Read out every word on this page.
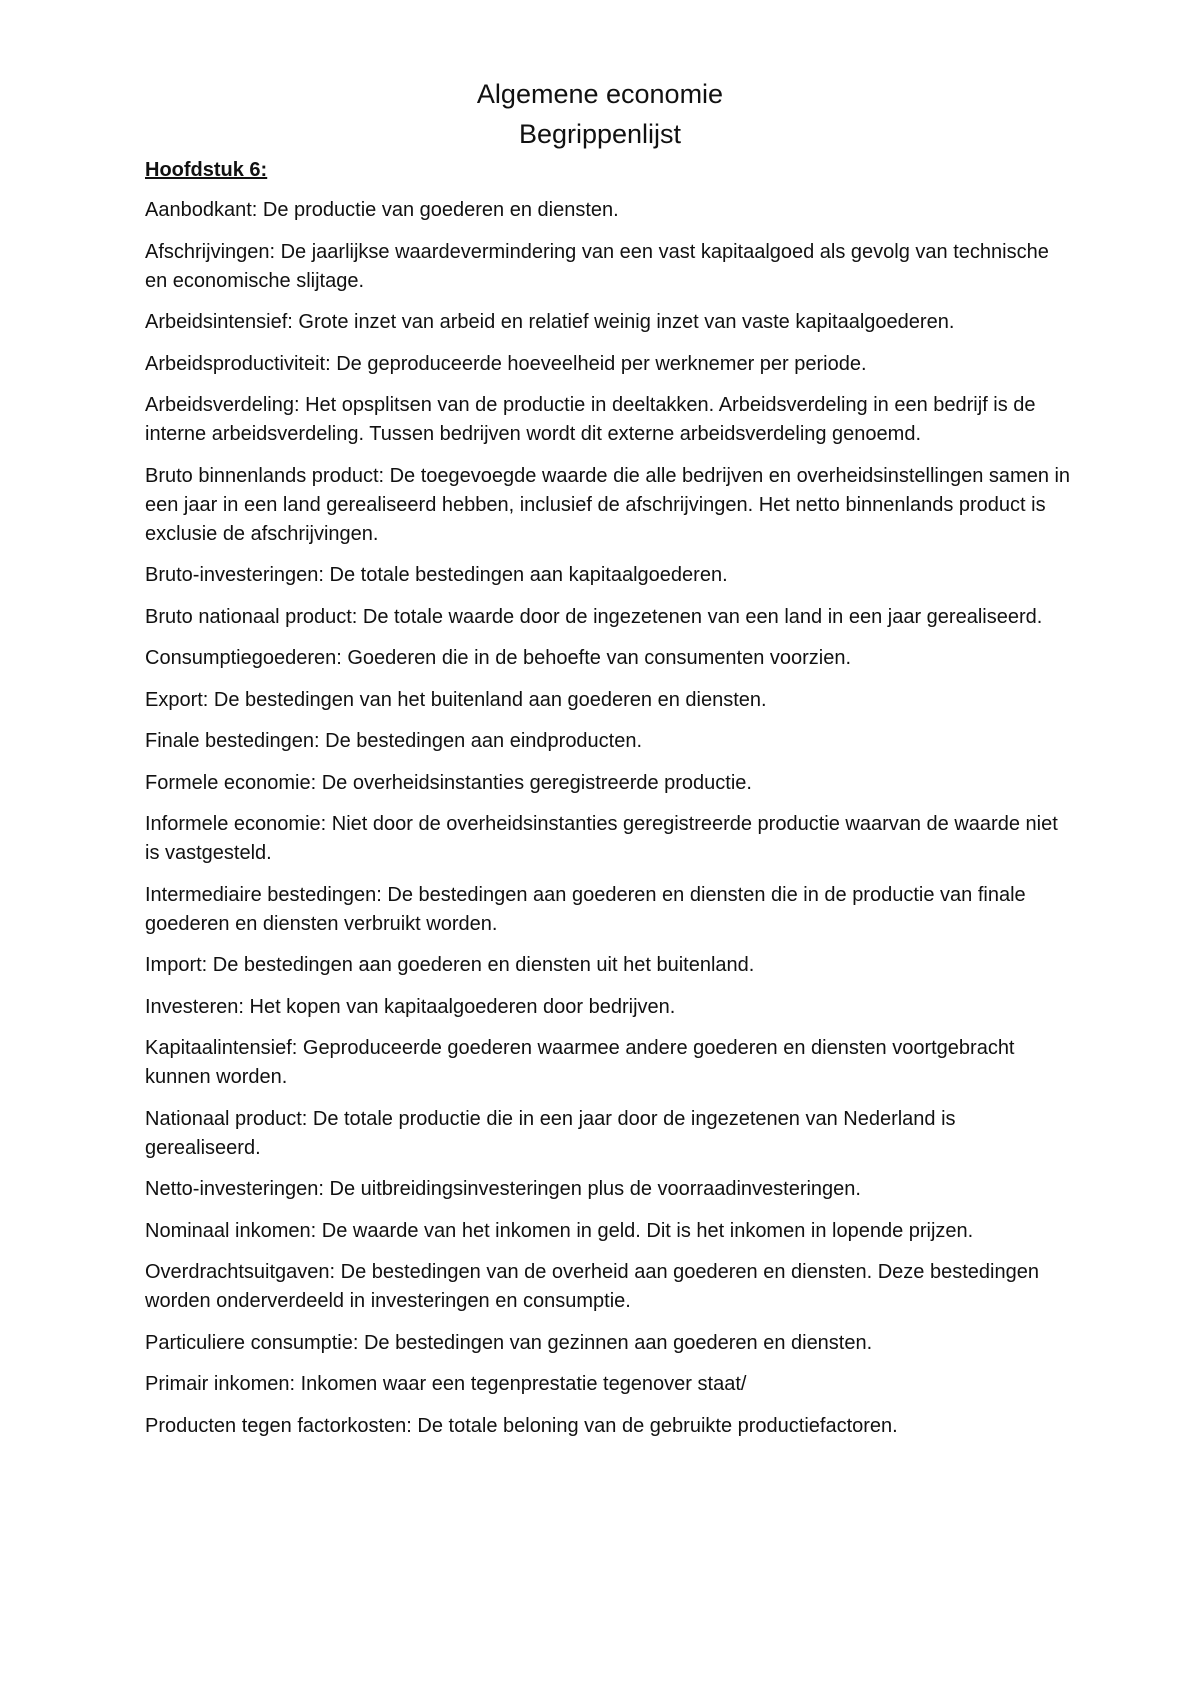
Algemene economie
Begrippenlijst
Hoofdstuk 6:
Aanbodkant: De productie van goederen en diensten.
Afschrijvingen: De jaarlijkse waardevermindering van een vast kapitaalgoed als gevolg van technische en economische slijtage.
Arbeidsintensief: Grote inzet van arbeid en relatief weinig inzet van vaste kapitaalgoederen.
Arbeidsproductiviteit: De geproduceerde hoeveelheid per werknemer per periode.
Arbeidsverdeling: Het opsplitsen van de productie in deeltakken. Arbeidsverdeling in een bedrijf is de interne arbeidsverdeling. Tussen bedrijven wordt dit externe arbeidsverdeling genoemd.
Bruto binnenlands product: De toegevoegde waarde die alle bedrijven en overheidsinstellingen samen in een jaar in een land gerealiseerd hebben, inclusief de afschrijvingen. Het netto binnenlands product is exclusie de afschrijvingen.
Bruto-investeringen: De totale bestedingen aan kapitaalgoederen.
Bruto nationaal product: De totale waarde door de ingezetenen van een land in een jaar gerealiseerd.
Consumptiegoederen: Goederen die in de behoefte van consumenten voorzien.
Export: De bestedingen van het buitenland aan goederen en diensten.
Finale bestedingen: De bestedingen aan eindproducten.
Formele economie: De overheidsinstanties geregistreerde productie.
Informele economie: Niet door de overheidsinstanties geregistreerde productie waarvan de waarde niet is vastgesteld.
Intermediaire bestedingen: De bestedingen aan goederen en diensten die in de productie van finale goederen en diensten verbruikt worden.
Import: De bestedingen aan goederen en diensten uit het buitenland.
Investeren: Het kopen van kapitaalgoederen door bedrijven.
Kapitaalintensief: Geproduceerde goederen waarmee andere goederen en diensten voortgebracht kunnen worden.
Nationaal product: De totale productie die in een jaar door de ingezetenen van Nederland is gerealiseerd.
Netto-investeringen: De uitbreidingsinvesteringen plus de voorraadinvesteringen.
Nominaal inkomen: De waarde van het inkomen in geld. Dit is het inkomen in lopende prijzen.
Overdrachtsuitgaven: De bestedingen van de overheid aan goederen en diensten. Deze bestedingen worden onderverdeeld in investeringen en consumptie.
Particuliere consumptie: De bestedingen van gezinnen aan goederen en diensten.
Primair inkomen: Inkomen waar een tegenprestatie tegenover staat/
Producten tegen factorkosten: De totale beloning van de gebruikte productiefactoren.
